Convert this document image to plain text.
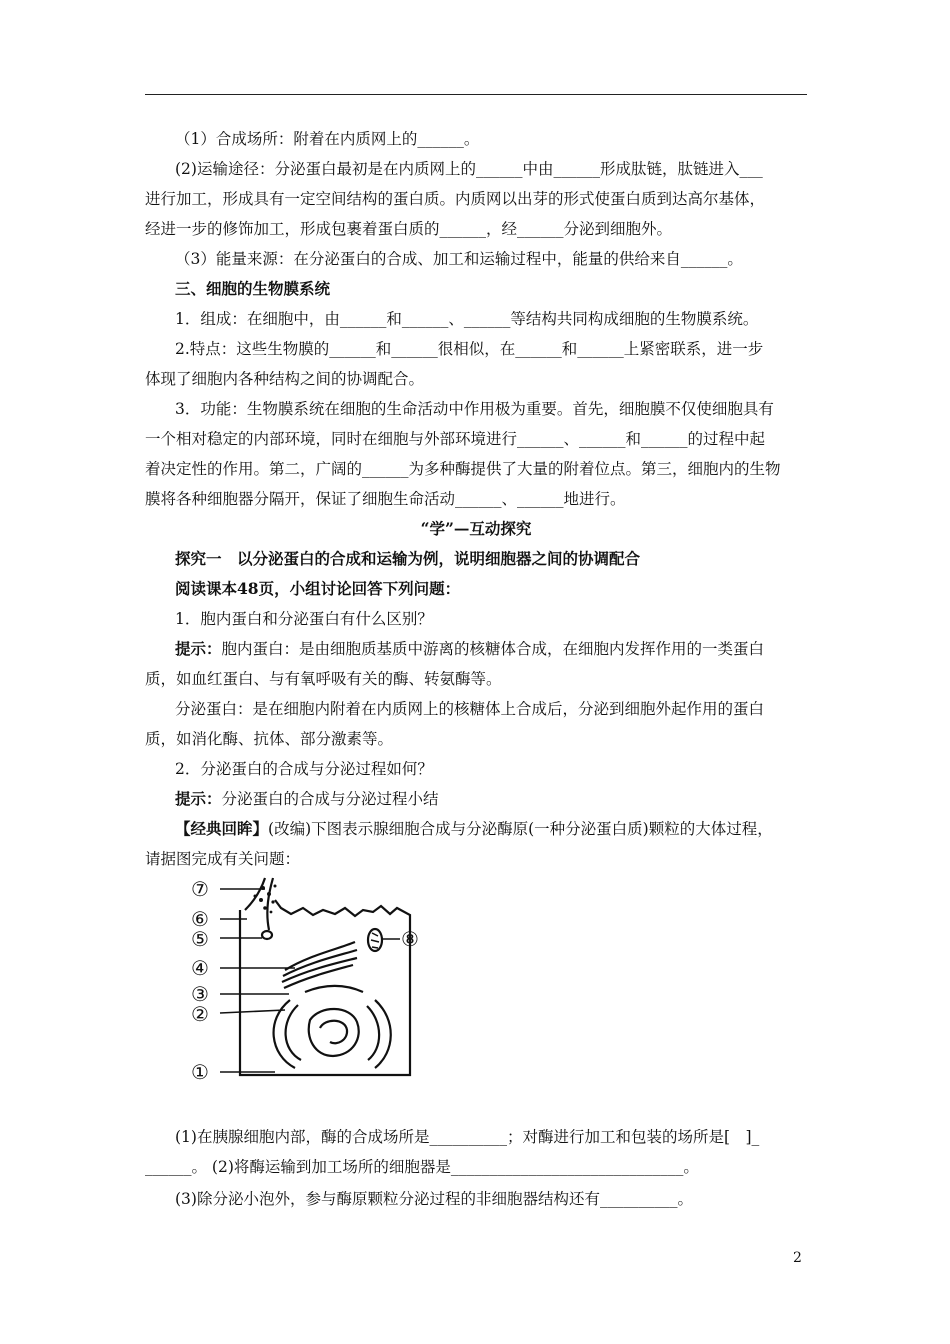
（1）合成场所：附着在内质网上的______。
(2)运输途径：分泌蛋白最初是在内质网上的______中由______形成肽链，肽链进入___
进行加工，形成具有一定空间结构的蛋白质。内质网以出芽的形式使蛋白质到达高尔基体，
经进一步的修饰加工，形成包裹着蛋白质的______，经______分泌到细胞外。
（3）能量来源：在分泌蛋白的合成、加工和运输过程中，能量的供给来自______。
三、细胞的生物膜系统
1．组成：在细胞中，由______和______、______等结构共同构成细胞的生物膜系统。
2.特点：这些生物膜的______和______很相似，在______和______上紧密联系，进一步
体现了细胞内各种结构之间的协调配合。
3．功能：生物膜系统在细胞的生命活动中作用极为重要。首先，细胞膜不仅使细胞具有
一个相对稳定的内部环境，同时在细胞与外部环境进行______、______和______的过程中起
着决定性的作用。第二，广阔的______为多种酶提供了大量的附着位点。第三，细胞内的生物
膜将各种细胞器分隔开，保证了细胞生命活动______、______地进行。
“学”—互动探究
探究一　以分泌蛋白的合成和运输为例，说明细胞器之间的协调配合
阅读课本48页，小组讨论回答下列问题：
1．胞内蛋白和分泌蛋白有什么区别？
提示：胞内蛋白：是由细胞质基质中游离的核糖体合成，在细胞内发挥作用的一类蛋白
质，如血红蛋白、与有氧呼吸有关的酶、转氨酶等。
分泌蛋白：是在细胞内附着在内质网上的核糖体上合成后，分泌到细胞外起作用的蛋白
质，如消化酶、抗体、部分激素等。
2．分泌蛋白的合成与分泌过程如何？
提示：分泌蛋白的合成与分泌过程小结
【经典回眸】(改编)下图表示腺细胞合成与分泌酶原(一种分泌蛋白质)颗粒的大体过程，
请据图完成有关问题：
⑦
⑥
⑤
④
③
②
①
⑧
(1)在胰腺细胞内部，酶的合成场所是__________；对酶进行加工和包装的场所是[　]_
______。 (2)将酶运输到加工场所的细胞器是______________________________。
(3)除分泌小泡外，参与酶原颗粒分泌过程的非细胞器结构还有__________。
2
